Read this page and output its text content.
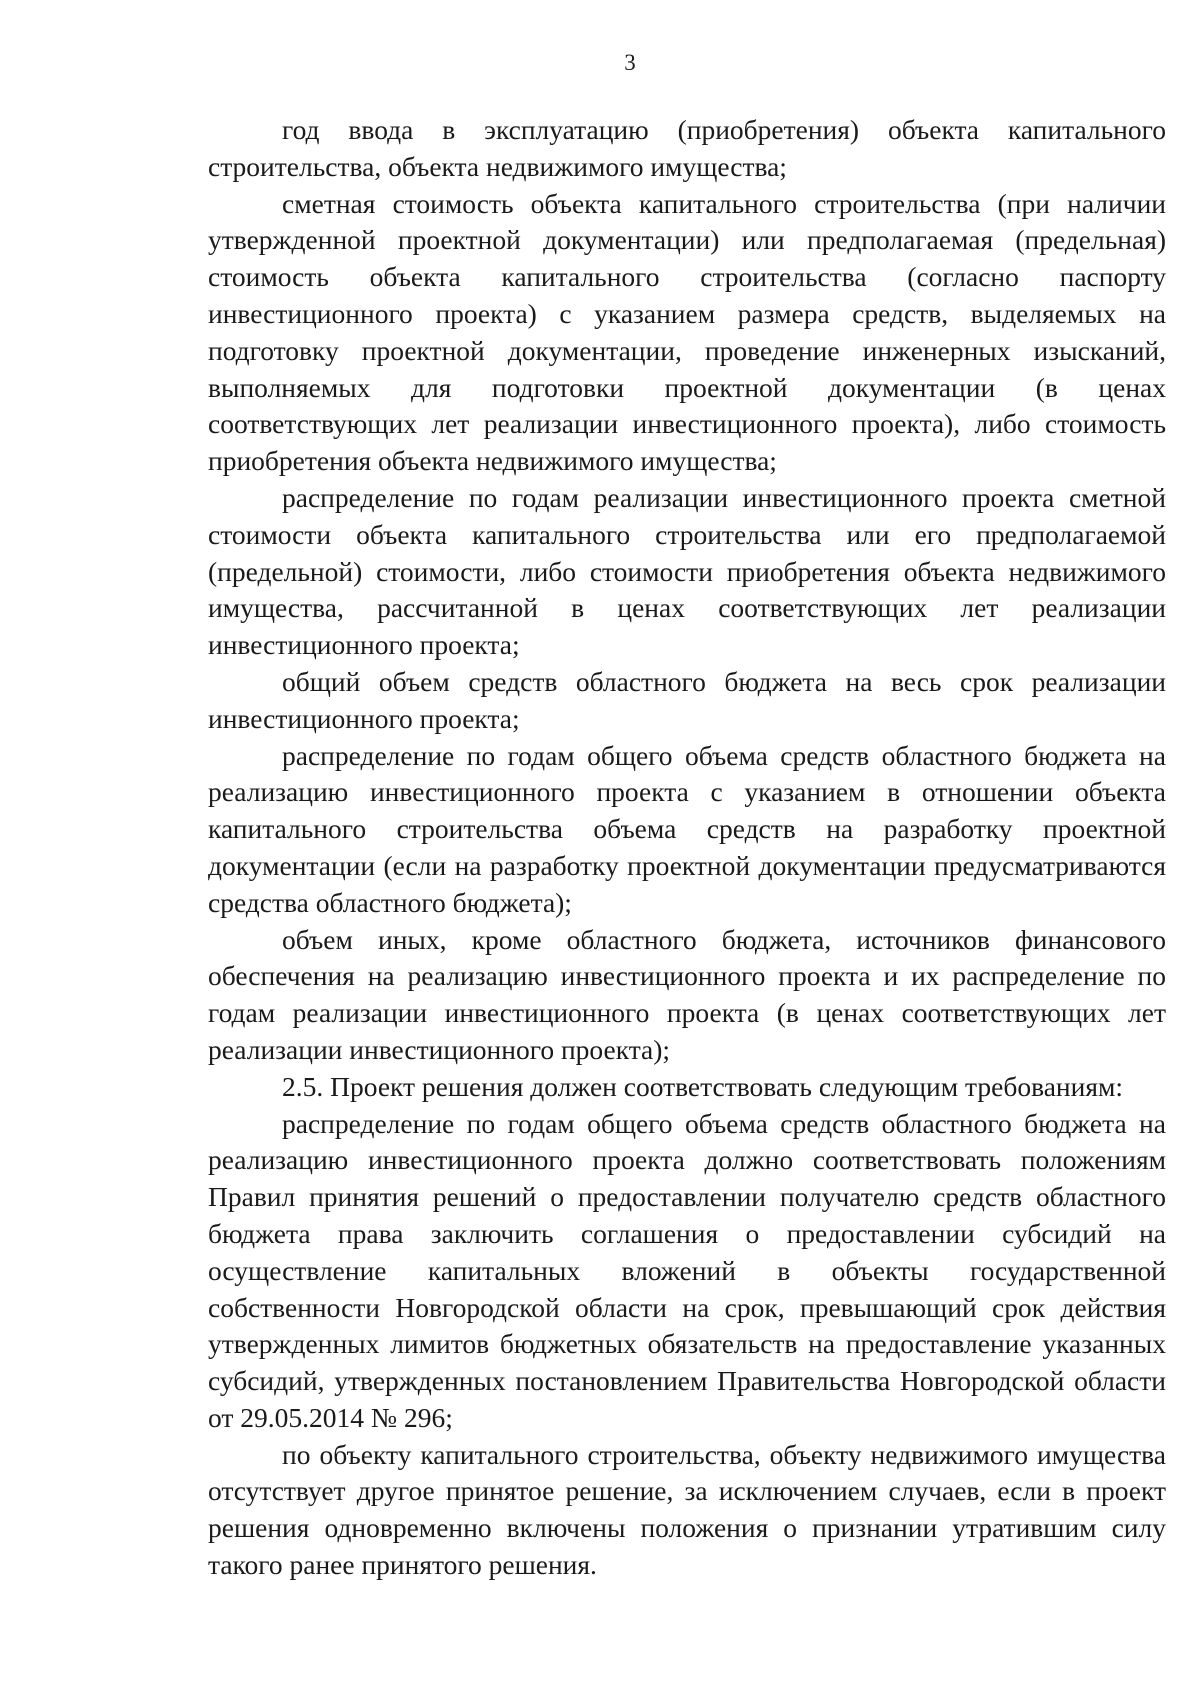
3

год ввода в эксплуатацию (приобретения) объекта капитального строительства, объекта недвижимого имущества;

сметная стоимость объекта капитального строительства (при наличии утвержденной проектной документации) или предполагаемая (предельная) стоимость объекта капитального строительства (согласно паспорту инвестиционного проекта) с указанием размера средств, выделяемых на подготовку проектной документации, проведение инженерных изысканий, выполняемых для подготовки проектной документации (в ценах соответствующих лет реализации инвестиционного проекта), либо стоимость приобретения объекта недвижимого имущества;

распределение по годам реализации инвестиционного проекта сметной стоимости объекта капитального строительства или его предполагаемой (предельной) стоимости, либо стоимости приобретения объекта недвижимого имущества, рассчитанной в ценах соответствующих лет реализации инвестиционного проекта;

общий объем средств областного бюджета на весь срок реализации инвестиционного проекта;

распределение по годам общего объема средств областного бюджета на реализацию инвестиционного проекта с указанием в отношении объекта капитального строительства объема средств на разработку проектной документации (если на разработку проектной документации предусматриваются средства областного бюджета);

объем иных, кроме областного бюджета, источников финансового обеспечения на реализацию инвестиционного проекта и их распределение по годам реализации инвестиционного проекта (в ценах соответствующих лет реализации инвестиционного проекта);

2.5. Проект решения должен соответствовать следующим требованиям:

распределение по годам общего объема средств областного бюджета на реализацию инвестиционного проекта должно соответствовать положениям Правил принятия решений о предоставлении получателю средств областного бюджета права заключить соглашения о предоставлении субсидий на осуществление капитальных вложений в объекты государственной собственности Новгородской области на срок, превышающий срок действия утвержденных лимитов бюджетных обязательств на предоставление указанных субсидий, утвержденных постановлением Правительства Новгородской области от 29.05.2014 № 296;

по объекту капитального строительства, объекту недвижимого имущества отсутствует другое принятое решение, за исключением случаев, если в проект решения одновременно включены положения о признании утратившим силу такого ранее принятого решения.
